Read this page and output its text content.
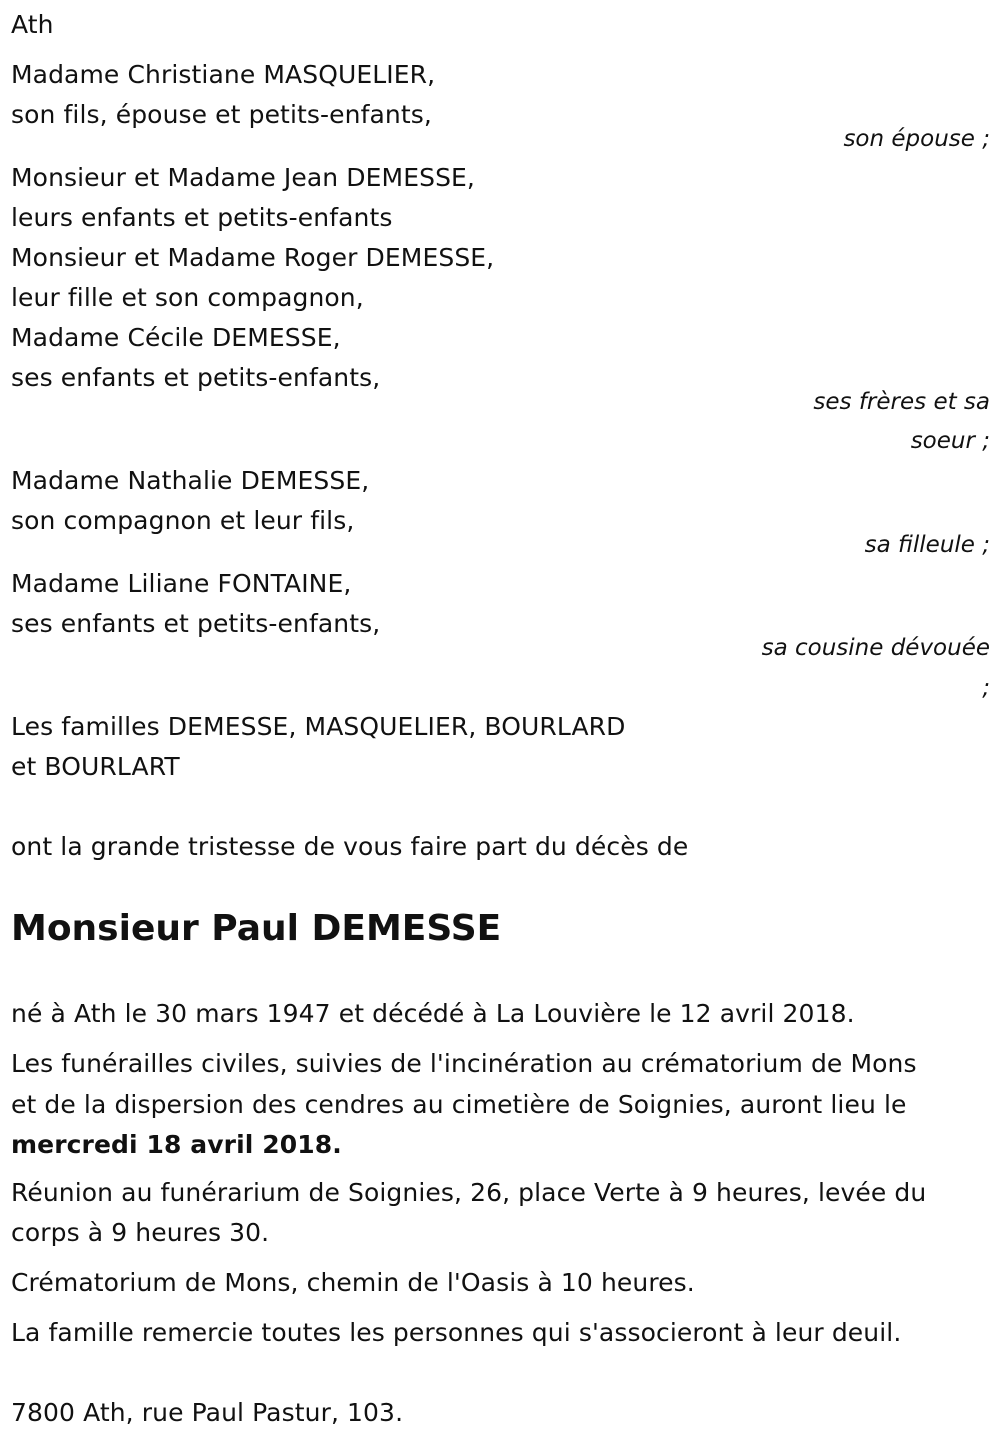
Ath
Madame Christiane MASQUELIER,
son fils, épouse et petits-enfants,
son épouse ;
Monsieur et Madame Jean DEMESSE,
leurs enfants et petits-enfants
Monsieur et Madame Roger DEMESSE,
leur fille et son compagnon,
Madame Cécile DEMESSE,
ses enfants et petits-enfants,
ses frères et sa
soeur ;
Madame Nathalie DEMESSE,
son compagnon et leur fils,
sa filleule ;
Madame Liliane FONTAINE,
ses enfants et petits-enfants,
sa cousine dévouée
;
Les familles DEMESSE, MASQUELIER, BOURLARD
et BOURLART
ont la grande tristesse de vous faire part du décès de
Monsieur Paul DEMESSE
né à Ath le 30 mars 1947 et décédé à La Louvière le 12 avril 2018.
Les funérailles civiles, suivies de l'incinération au crématorium de Mons
et de la dispersion des cendres au cimetière de Soignies, auront lieu le
mercredi 18 avril 2018.
Réunion au funérarium de Soignies, 26, place Verte à 9 heures, levée du
corps à 9 heures 30.
Crématorium de Mons, chemin de l'Oasis à 10 heures.
La famille remercie toutes les personnes qui s'associeront à leur deuil.
7800 Ath, rue Paul Pastur, 103.
